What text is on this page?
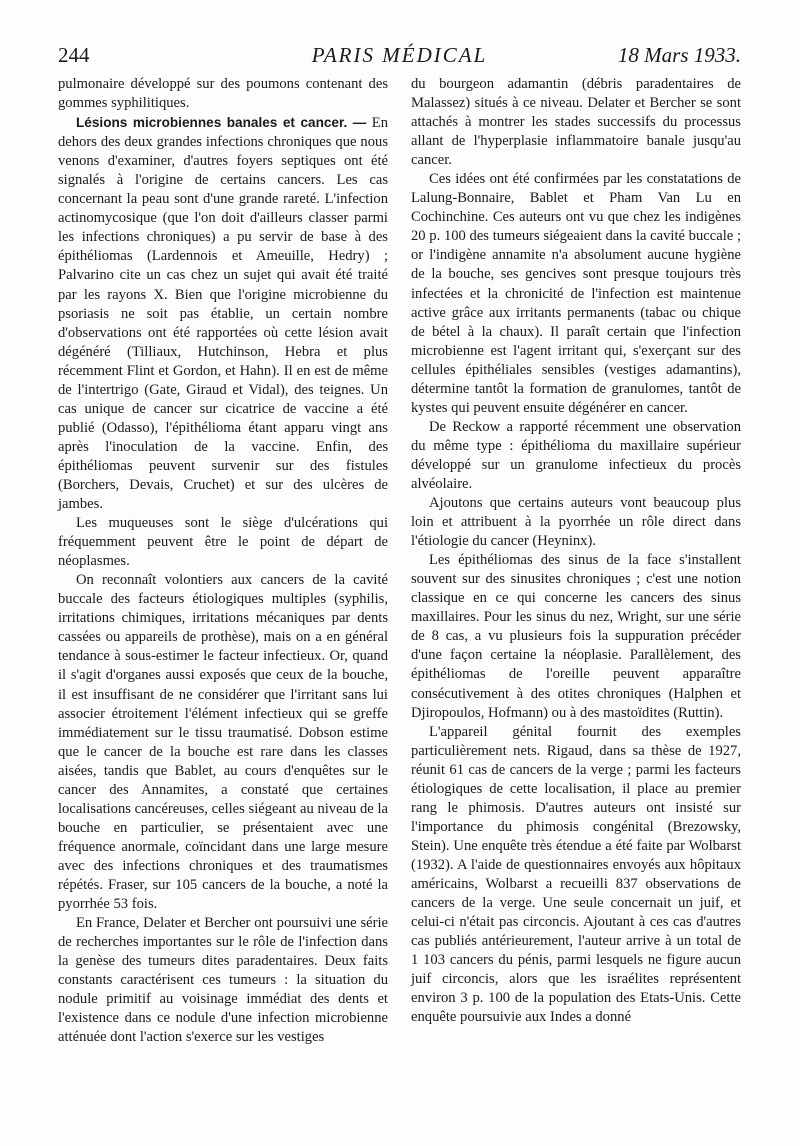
244	PARIS MÉDICAL	18 Mars 1933.

pulmonaire développé sur des poumons contenant des gommes syphilitiques.

Lésions microbiennes banales et cancer. — En dehors des deux grandes infections chroniques que nous venons d'examiner, d'autres foyers septiques ont été signalés à l'origine de certains cancers. Les cas concernant la peau sont d'une grande rareté. L'infection actinomycosique (que l'on doit d'ailleurs classer parmi les infections chroniques) a pu servir de base à des épithéliomas (Lardennois et Ameuille, Hedry) ; Palvarino cite un cas chez un sujet qui avait été traité par les rayons X. Bien que l'origine microbienne du psoriasis ne soit pas établie, un certain nombre d'observations ont été rapportées où cette lésion avait dégénéré (Tilliaux, Hutchinson, Hebra et plus récemment Flint et Gordon, et Hahn). Il en est de même de l'intertrigo (Gate, Giraud et Vidal), des teignes. Un cas unique de cancer sur cicatrice de vaccine a été publié (Odasso), l'épithélioma étant apparu vingt ans après l'inoculation de la vaccine. Enfin, des épithéliomas peuvent survenir sur des fistules (Borchers, Devais, Cruchet) et sur des ulcères de jambes.

Les muqueuses sont le siège d'ulcérations qui fréquemment peuvent être le point de départ de néoplasmes.

On reconnaît volontiers aux cancers de la cavité buccale des facteurs étiologiques multiples (syphilis, irritations chimiques, irritations mécaniques par dents cassées ou appareils de prothèse), mais on a en général tendance à sous-estimer le facteur infectieux. Or, quand il s'agit d'organes aussi exposés que ceux de la bouche, il est insuffisant de ne considérer que l'irritant sans lui associer étroitement l'élément infectieux qui se greffe immédiatement sur le tissu traumatisé. Dobson estime que le cancer de la bouche est rare dans les classes aisées, tandis que Bablet, au cours d'enquêtes sur le cancer des Annamites, a constaté que certaines localisations cancéreuses, celles siégeant au niveau de la bouche en particulier, se présentaient avec une fréquence anormale, coïncidant dans une large mesure avec des infections chroniques et des traumatismes répétés. Fraser, sur 105 cancers de la bouche, a noté la pyorrhée 53 fois.

En France, Delater et Bercher ont poursuivi une série de recherches importantes sur le rôle de l'infection dans la genèse des tumeurs dites paradentaires. Deux faits constants caractérisent ces tumeurs : la situation du nodule primitif au voisinage immédiat des dents et l'existence dans ce nodule d'une infection microbienne atténuée dont l'action s'exerce sur les vestiges

du bourgeon adamantin (débris paradentaires de Malassez) situés à ce niveau. Delater et Bercher se sont attachés à montrer les stades successifs du processus allant de l'hyperplasie inflammatoire banale jusqu'au cancer.

Ces idées ont été confirmées par les constatations de Lalung-Bonnaire, Bablet et Pham Van Lu en Cochinchine. Ces auteurs ont vu que chez les indigènes 20 p. 100 des tumeurs siégeaient dans la cavité buccale ; or l'indigène annamite n'a absolument aucune hygiène de la bouche, ses gencives sont presque toujours très infectées et la chronicité de l'infection est maintenue active grâce aux irritants permanents (tabac ou chique de bétel à la chaux). Il paraît certain que l'infection microbienne est l'agent irritant qui, s'exerçant sur des cellules épithéliales sensibles (vestiges adamantins), détermine tantôt la formation de granulomes, tantôt de kystes qui peuvent ensuite dégénérer en cancer.

De Reckow a rapporté récemment une observation du même type : épithélioma du maxillaire supérieur développé sur un granulome infectieux du procès alvéolaire.

Ajoutons que certains auteurs vont beaucoup plus loin et attribuent à la pyorrhée un rôle direct dans l'étiologie du cancer (Heyninx).

Les épithéliomas des sinus de la face s'installent souvent sur des sinusites chroniques ; c'est une notion classique en ce qui concerne les cancers des sinus maxillaires. Pour les sinus du nez, Wright, sur une série de 8 cas, a vu plusieurs fois la suppuration précéder d'une façon certaine la néoplasie. Parallèlement, des épithéliomas de l'oreille peuvent apparaître consécutivement à des otites chroniques (Halphen et Djiropoulos, Hofmann) ou à des mastoïdites (Ruttin).

L'appareil génital fournit des exemples particulièrement nets. Rigaud, dans sa thèse de 1927, réunit 61 cas de cancers de la verge ; parmi les facteurs étiologiques de cette localisation, il place au premier rang le phimosis. D'autres auteurs ont insisté sur l'importance du phimosis congénital (Brezowsky, Stein). Une enquête très étendue a été faite par Wolbarst (1932). A l'aide de questionnaires envoyés aux hôpitaux américains, Wolbarst a recueilli 837 observations de cancers de la verge. Une seule concernait un juif, et celui-ci n'était pas circoncis. Ajoutant à ces cas d'autres cas publiés antérieurement, l'auteur arrive à un total de 1 103 cancers du pénis, parmi lesquels ne figure aucun juif circoncis, alors que les israélites représentent environ 3 p. 100 de la population des Etats-Unis. Cette enquête poursuivie aux Indes a donné
